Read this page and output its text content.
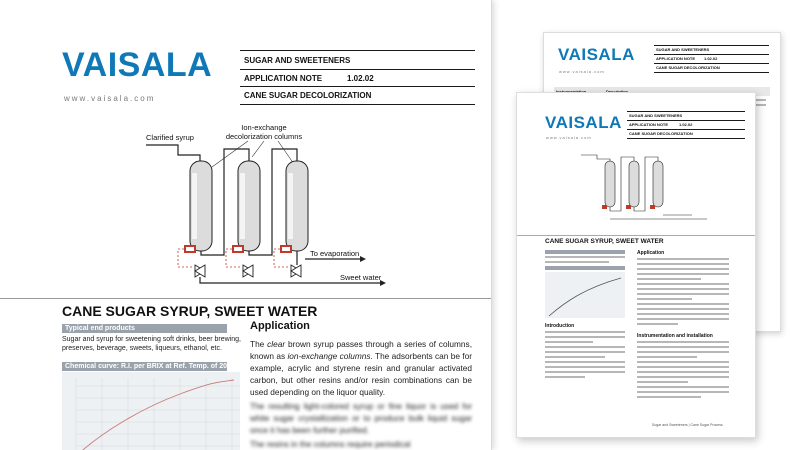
VAISALA
www.vaisala.com
SUGAR AND SWEETENERS
APPLICATION NOTE	1.02.02
CANE SUGAR DECOLORIZATION
Clarified syrup
Ion-exchange
decolorization columns
To evaporation
Sweet water
CANE SUGAR SYRUP, SWEET WATER
Typical end products
Sugar and syrup for sweetening soft drinks, beer brewing, preserves, beverage, sweets, liqueurs, ethanol, etc.
Chemical curve: R.I. per BRIX at Ref. Temp. of 20 C
Application
The clear brown syrup passes through a series of columns, known as ion-exchange columns. The adsorbents can be for example, acrylic and styrene resin and granular activated carbon, but other resins and/or resin combinations can be used depending on the liquor quality.
The resulting light-colored syrup or fine liquor is used for white sugar crystallization or to produce bulk liquid sugar once it has been further purified.
The resins in the columns require periodical
VAISALA
www.vaisala.com
SUGAR AND SWEETENERS
APPLICATION NOTE 1.02.02
CANE SUGAR DECOLORIZATION
VAISALA
www.vaisala.com
SUGAR AND SWEETENERS
APPLICATION NOTE	1.02.02
CANE SUGAR DECOLORIZATION
CANE SUGAR SYRUP, SWEET WATER
Introduction
Application
Instrumentation and installation
Sugar and Sweeteners | Cane Sugar Process
